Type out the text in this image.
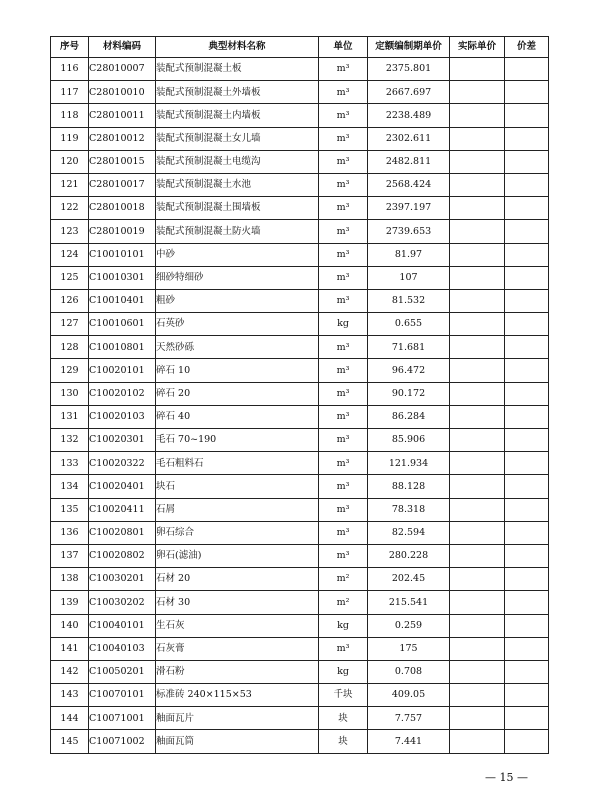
序号	材料编码	典型材料名称	单位	定额编制期单价	实际单价	价差
116	C28010007	装配式预制混凝土板	m³	2375.801		
117	C28010010	装配式预制混凝土外墙板	m³	2667.697		
118	C28010011	装配式预制混凝土内墙板	m³	2238.489		
119	C28010012	装配式预制混凝土女儿墙	m³	2302.611		
120	C28010015	装配式预制混凝土电缆沟	m³	2482.811		
121	C28010017	装配式预制混凝土水池	m³	2568.424		
122	C28010018	装配式预制混凝土围墙板	m³	2397.197		
123	C28010019	装配式预制混凝土防火墙	m³	2739.653		
124	C10010101	中砂	m³	81.97		
125	C10010301	细砂特细砂	m³	107		
126	C10010401	粗砂	m³	81.532		
127	C10010601	石英砂	kg	0.655		
128	C10010801	天然砂砾	m³	71.681		
129	C10020101	碎石 10	m³	96.472		
130	C10020102	碎石 20	m³	90.172		
131	C10020103	碎石 40	m³	86.284		
132	C10020301	毛石 70~190	m³	85.906		
133	C10020322	毛石粗料石	m³	121.934		
134	C10020401	块石	m³	88.128		
135	C10020411	石屑	m³	78.318		
136	C10020801	卵石综合	m³	82.594		
137	C10020802	卵石(滤油)	m³	280.228		
138	C10030201	石材 20	m²	202.45		
139	C10030202	石材 30	m²	215.541		
140	C10040101	生石灰	kg	0.259		
141	C10040103	石灰膏	m³	175		
142	C10050201	滑石粉	kg	0.708		
143	C10070101	标准砖 240×115×53	千块	409.05		
144	C10071001	釉面瓦片	块	7.757		
145	C10071002	釉面瓦筒	块	7.441		
— 15 —
